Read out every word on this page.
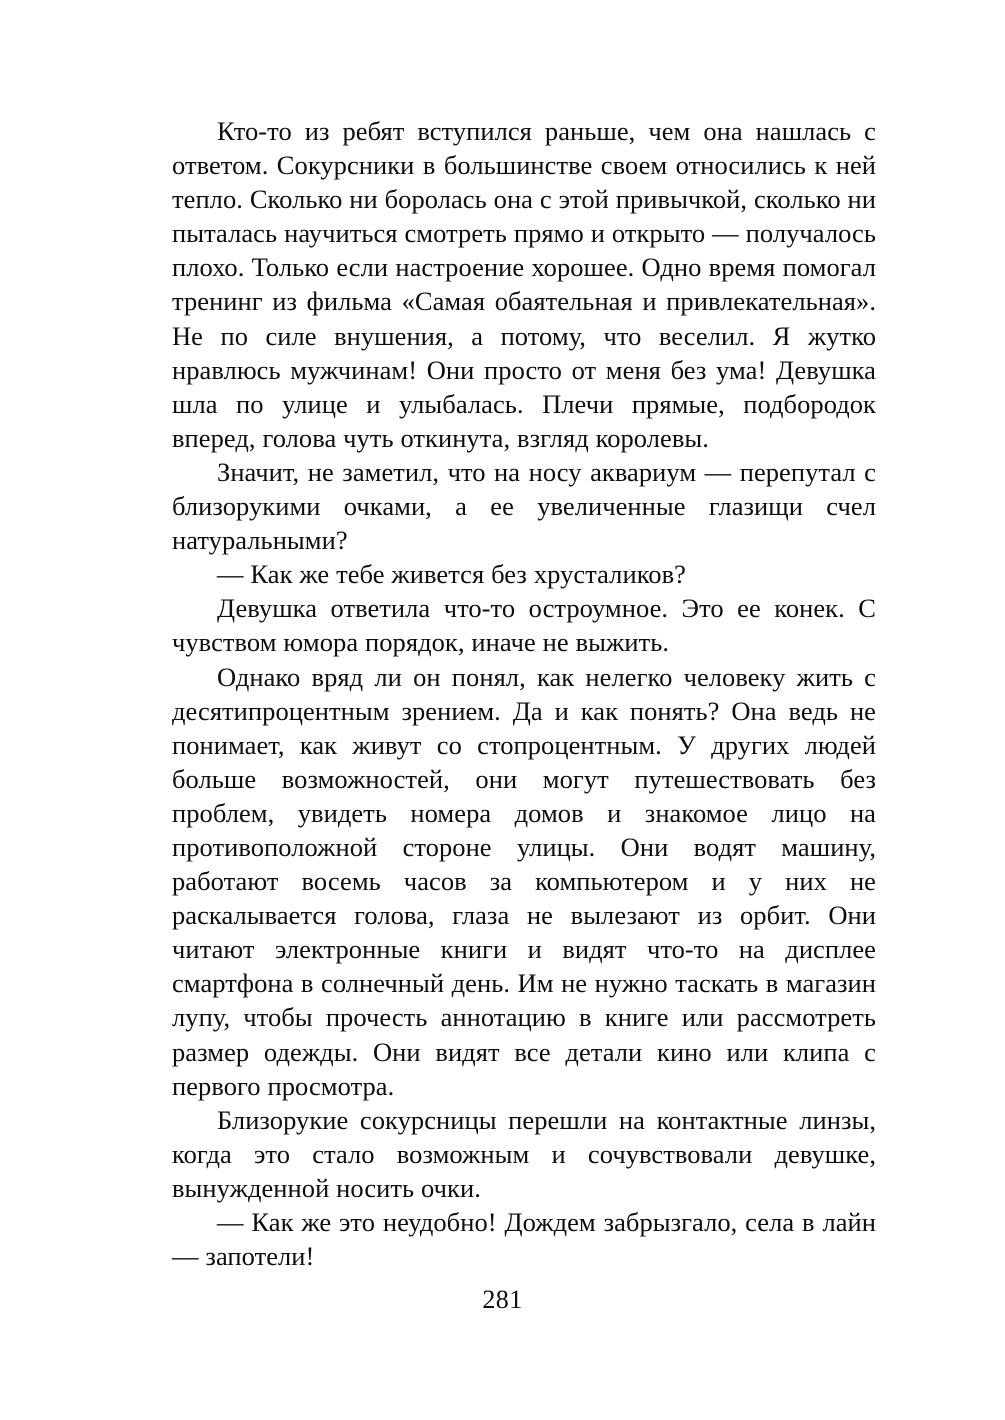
Кто-то из ребят вступился раньше, чем она нашлась с ответом. Сокурсники в большинстве своем относились к ней тепло. Сколько ни боролась она с этой привычкой, сколько ни пыталась научиться смотреть прямо и открыто — получалось плохо. Только если настроение хорошее. Одно время помогал тренинг из фильма «Самая обаятельная и привлекательная». Не по силе внушения, а потому, что веселил. Я жутко нравлюсь мужчинам! Они просто от меня без ума! Девушка шла по улице и улыбалась. Плечи прямые, подбородок вперед, голова чуть откинута, взгляд королевы.

Значит, не заметил, что на носу аквариум — перепутал с близорукими очками, а ее увеличенные глазищи счел натуральными?

— Как же тебе живется без хрусталиков?

Девушка ответила что-то остроумное. Это ее конек. С чувством юмора порядок, иначе не выжить.

Однако вряд ли он понял, как нелегко человеку жить с десятипроцентным зрением. Да и как понять? Она ведь не понимает, как живут со стопроцентным. У других людей больше возможностей, они могут путешествовать без проблем, увидеть номера домов и знакомое лицо на противоположной стороне улицы. Они водят машину, работают восемь часов за компьютером и у них не раскалывается голова, глаза не вылезают из орбит. Они читают электронные книги и видят что-то на дисплее смартфона в солнечный день. Им не нужно таскать в магазин лупу, чтобы прочесть аннотацию в книге или рассмотреть размер одежды. Они видят все детали кино или клипа с первого просмотра.

Близорукие сокурсницы перешли на контактные линзы, когда это стало возможным и сочувствовали девушке, вынужденной носить очки.

— Как же это неудобно! Дождем забрызгало, села в лайн — запотели!

281
